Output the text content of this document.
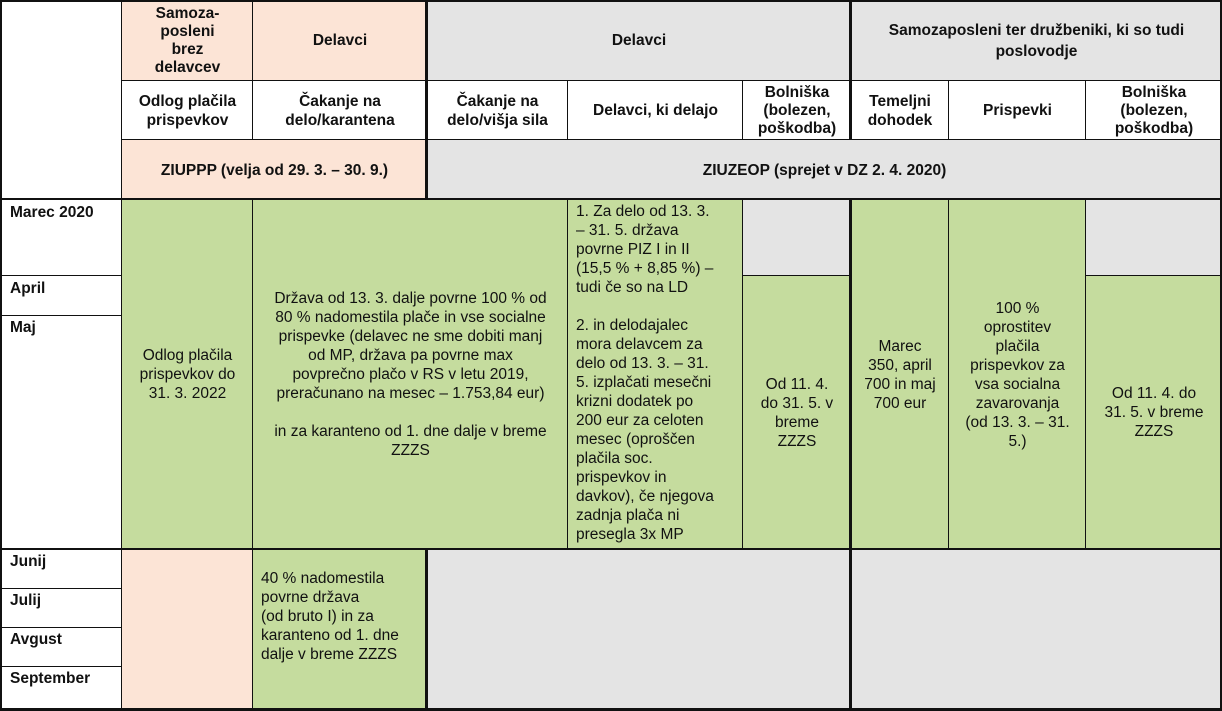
Samoza-
posleni
brez
delavcev
Delavci	Delavci
Samozaposleni ter družbeniki, ki so tudi
poslovodje
Odlog plačila
prispevkov
Čakanje na
delo/karantena
Čakanje na
delo/višja sila
Delavci, ki delajo
Bolniška
(bolezen,
poškodba)
Temeljni
dohodek
Prispevki
Bolniška
(bolezen,
poškodba)
ZIUPPP (velja od 29. 3. – 30. 9.)	ZIUZEOP (sprejet v DZ 2. 4. 2020)
Marec 2020
April
Maj
Junij
Julij
Avgust
September
Odlog plačila
prispevkov do
31. 3. 2022
Država od 13. 3. dalje povrne 100 % od
80 % nadomestila plače in vse socialne
prispevke (delavec ne sme dobiti manj
od MP, država pa povrne max
povprečno plačo v RS v letu 2019,
preračunano na mesec – 1.753,84 eur)

in za karanteno od 1. dne dalje v breme
ZZZS
1. Za delo od 13. 3.
– 31. 5. država
povrne PIZ I in II
(15,5 % + 8,85 %) –
tudi če so na LD

2. in delodajalec
mora delavcem za
delo od 13. 3. – 31.
5. izplačati mesečni
krizni dodatek po
200 eur za celoten
mesec (oproščen
plačila soc.
prispevkov in
davkov), če njegova
zadnja plača ni
presegla 3x MP
Od 11. 4.
do 31. 5. v
breme
ZZZS
Marec
350, april
700 in maj
700 eur
100 %
oprostitev
plačila
prispevkov za
vsa socialna
zavarovanja
(od 13. 3. – 31.
5.)
Od 11. 4. do
31. 5. v breme
ZZZS
40 % nadomestila
povrne država
(od bruto I) in za
karanteno od 1. dne
dalje v breme ZZZS
